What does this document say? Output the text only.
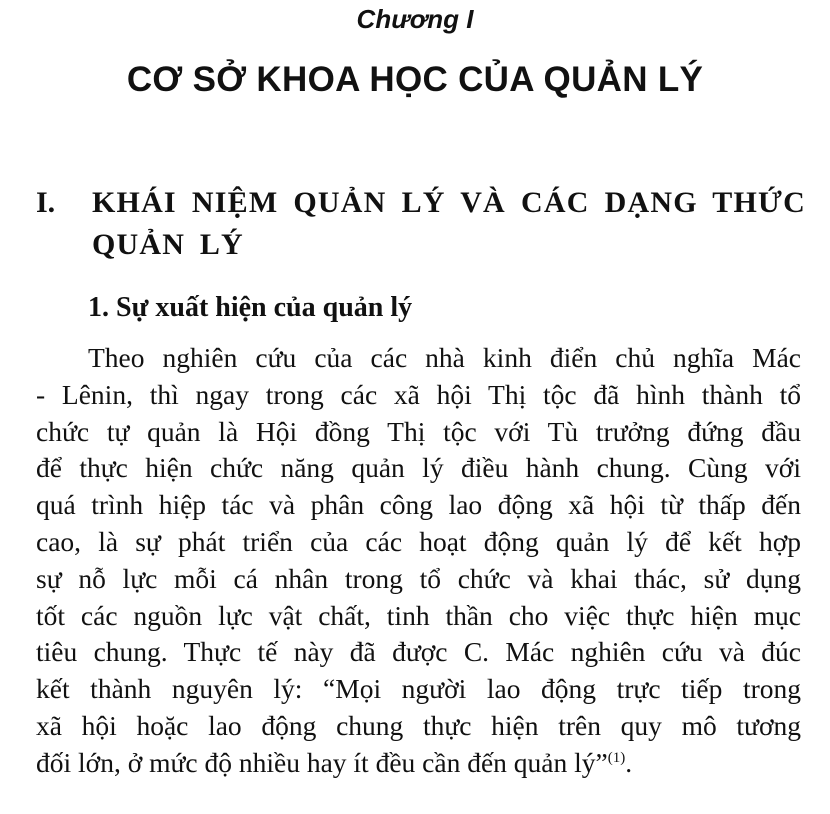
Chương I
CƠ SỞ KHOA HỌC CỦA QUẢN LÝ
I. KHÁI NIỆM QUẢN LÝ VÀ CÁC DẠNG THỨC QUẢN LÝ
1. Sự xuất hiện của quản lý
Theo nghiên cứu của các nhà kinh điển chủ nghĩa Mác
- Lênin, thì ngay trong các xã hội Thị tộc đã hình thành tổ
chức tự quản là Hội đồng Thị tộc với Tù trưởng đứng đầu
để thực hiện chức năng quản lý điều hành chung. Cùng với
quá trình hiệp tác và phân công lao động xã hội từ thấp đến
cao, là sự phát triển của các hoạt động quản lý để kết hợp
sự nỗ lực mỗi cá nhân trong tổ chức và khai thác, sử dụng
tốt các nguồn lực vật chất, tinh thần cho việc thực hiện mục
tiêu chung. Thực tế này đã được C. Mác nghiên cứu và đúc
kết thành nguyên lý: “Mọi người lao động trực tiếp trong
xã hội hoặc lao động chung thực hiện trên quy mô tương
đối lớn, ở mức độ nhiều hay ít đều cần đến quản lý”$^{(1)}$.
